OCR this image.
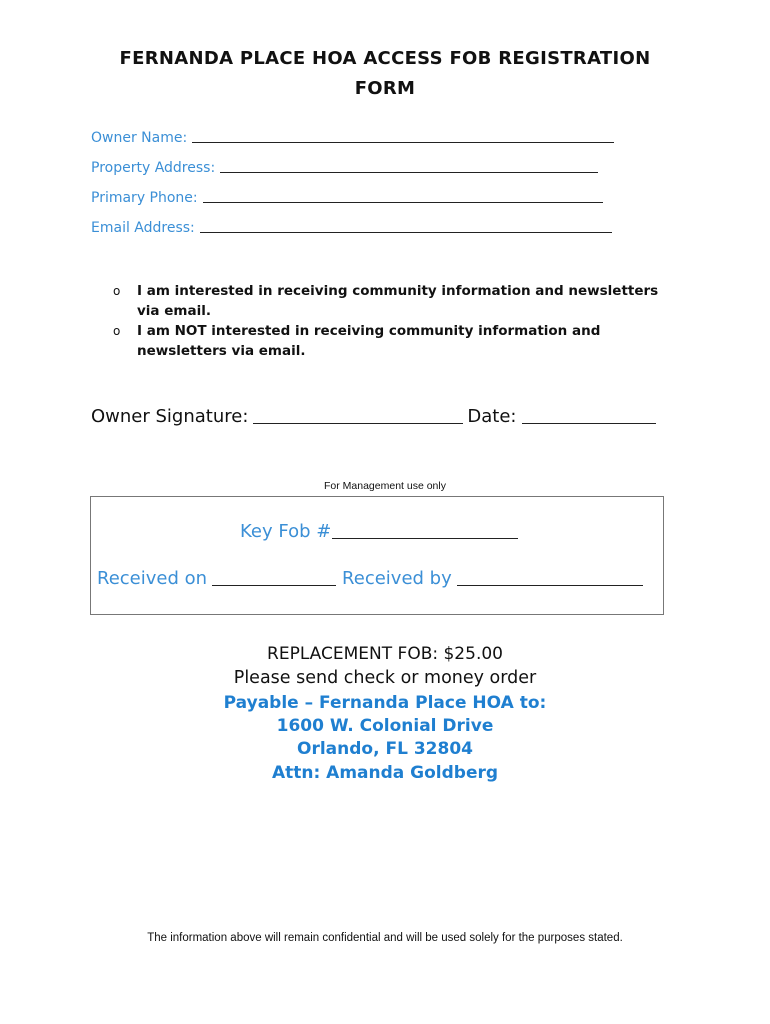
FERNANDA PLACE HOA ACCESS FOB REGISTRATION
FORM
Owner Name:
Property Address:
Primary Phone:
Email Address:
o I am interested in receiving community information and newsletters via email.
o I am NOT interested in receiving community information and newsletters via email.
Owner Signature:	Date:
For Management use only
Key Fob #
Received on	Received by
REPLACEMENT FOB: $25.00
Please send check or money order
Payable – Fernanda Place HOA to:
1600 W. Colonial Drive
Orlando, FL 32804
Attn: Amanda Goldberg
The information above will remain confidential and will be used solely for the purposes stated.
